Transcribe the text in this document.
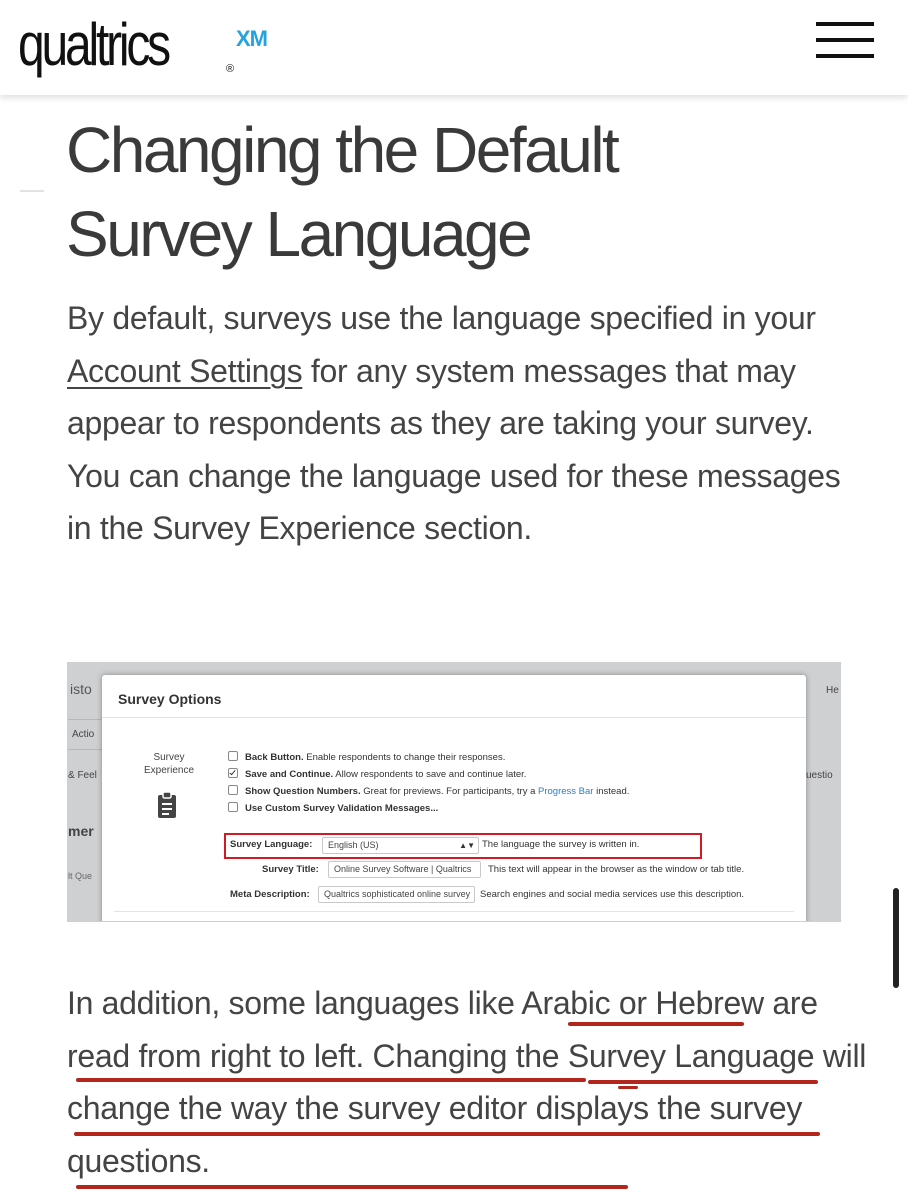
qualtrics	XM
®
Changing the Default
Survey Language

By default, surveys use the language specified in your Account Settings for any system messages that may appear to respondents as they are taking your survey. You can change the language used for these messages in the Survey Experience section.

isto
Actio
& Feel
mer
lt Que
He
uestio
Survey Options
Survey Experience
Back Button. Enable respondents to change their responses.
Save and Continue. Allow respondents to save and continue later.
Show Question Numbers. Great for previews. For participants, try a Progress Bar instead.
Use Custom Survey Validation Messages...
Survey Language:	English (US)	▲▼ The language the survey is written in.
Survey Title:	Online Survey Software | Qualtrics	This text will appear in the browser as the window or tab title.
Meta Description:	Qualtrics sophisticated online survey	Search engines and social media services use this description.

In addition, some languages like Arabic or Hebrew are read from right to left. Changing the Survey Language will change the way the survey editor displays the survey questions.
